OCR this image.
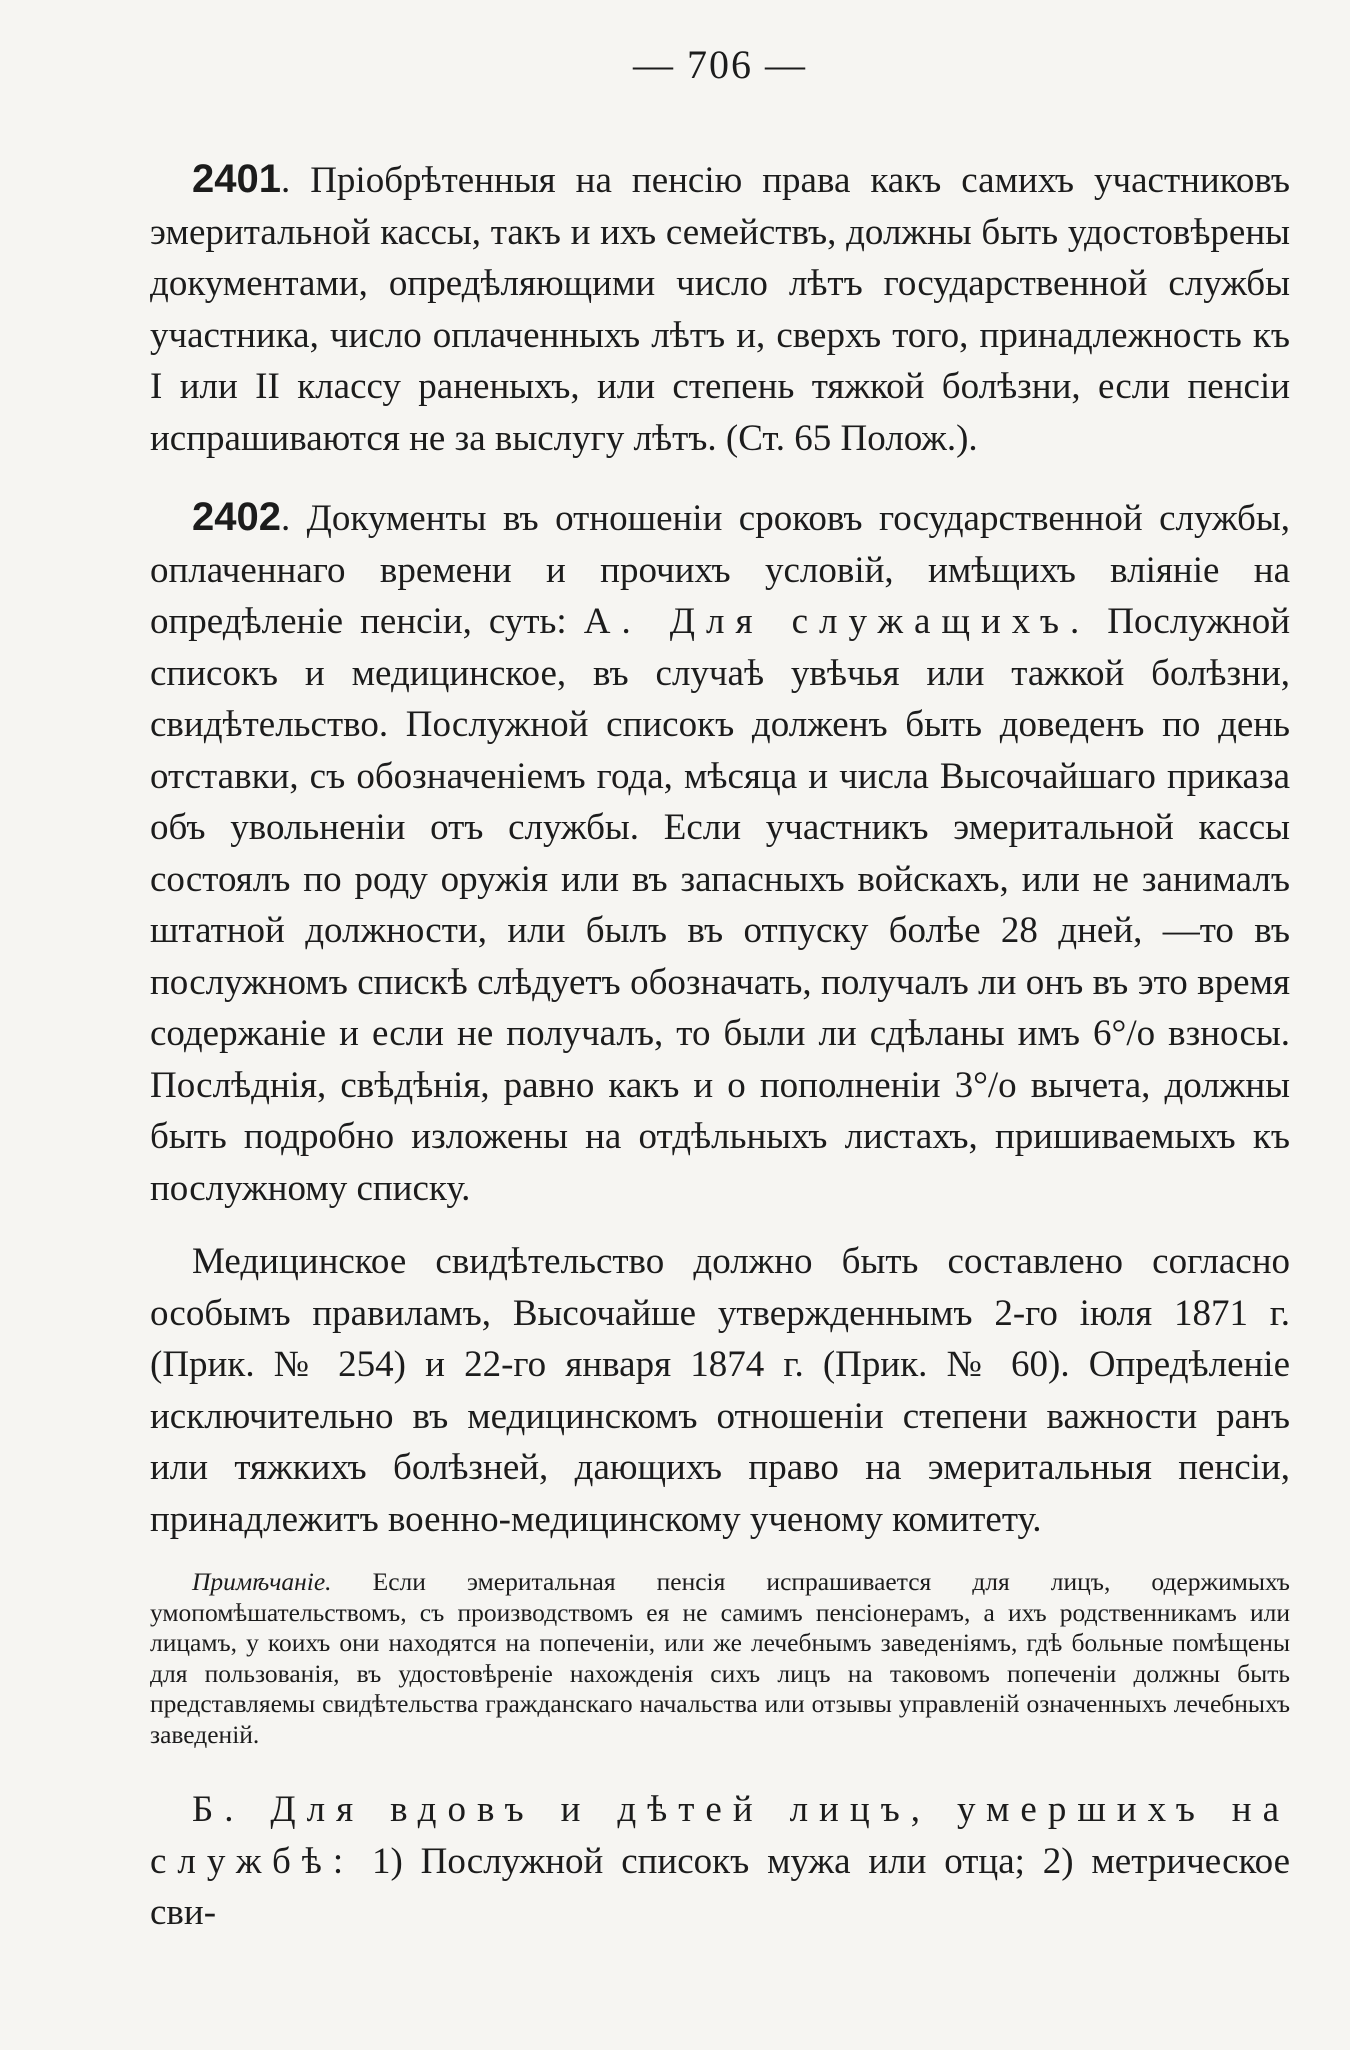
— 706 —

2401. Пріобрѣтенныя на пенсію права какъ самихъ участниковъ эмеритальной кассы, такъ и ихъ семействъ, должны быть удостовѣрены документами, опредѣляющими число лѣтъ государственной службы участника, число оплаченныхъ лѣтъ и, сверхъ того, принадлежность къ I или II классу раненыхъ, или степень тяжкой болѣзни, если пенсіи испрашиваются не за выслугу лѣтъ. (Ст. 65 Полож.).

2402. Документы въ отношеніи сроковъ государственной службы, оплаченнаго времени и прочихъ условій, имѣщихъ вліяніе на опредѣленіе пенсіи, суть: А. Для служащихъ. Послужной списокъ и медицинское, въ случаѣ увѣчья или тажкой болѣзни, свидѣтельство. Послужной списокъ долженъ быть доведенъ по день отставки, съ обозначеніемъ года, мѣсяца и числа Высочайшаго приказа объ увольненіи отъ службы. Если участникъ эмеритальной кассы состоялъ по роду оружія или въ запасныхъ войскахъ, или не занималъ штатной должности, или былъ въ отпуску болѣе 28 дней, —то въ послужномъ спискѣ слѣдуетъ обозначать, получалъ ли онъ въ это время содержаніе и если не получалъ, то были ли сдѣланы имъ 6°/o взносы. Послѣднія, свѣдѣнія, равно какъ и о пополненіи 3°/o вычета, должны быть подробно изложены на отдѣльныхъ листахъ, пришиваемыхъ къ послужному списку.

Медицинское свидѣтельство должно быть составлено согласно особымъ правиламъ, Высочайше утвержденнымъ 2-го іюля 1871 г. (Прик. № 254) и 22-го января 1874 г. (Прик. № 60). Опредѣленіе исключительно въ медицинскомъ отношеніи степени важности ранъ или тяжкихъ болѣзней, дающихъ право на эмеритальныя пенсіи, принадлежитъ военно-медицинскому ученому комитету.

Примѣчаніе. Если эмеритальная пенсія испрашивается для лицъ, одержимыхъ умопомѣшательствомъ, съ производствомъ ея не самимъ пенсіонерамъ, а ихъ родственникамъ или лицамъ, у коихъ они находятся на попеченіи, или же лечебнымъ заведеніямъ, гдѣ больные помѣщены для пользованія, въ удостовѣреніе нахожденія сихъ лицъ на таковомъ попеченіи должны быть представляемы свидѣтельства гражданскаго начальства или отзывы управленій означенныхъ лечебныхъ заведеній.

Б. Для вдовъ и дѣтей лицъ, умершихъ на службѣ: 1) Послужной списокъ мужа или отца; 2) метрическое сви-
